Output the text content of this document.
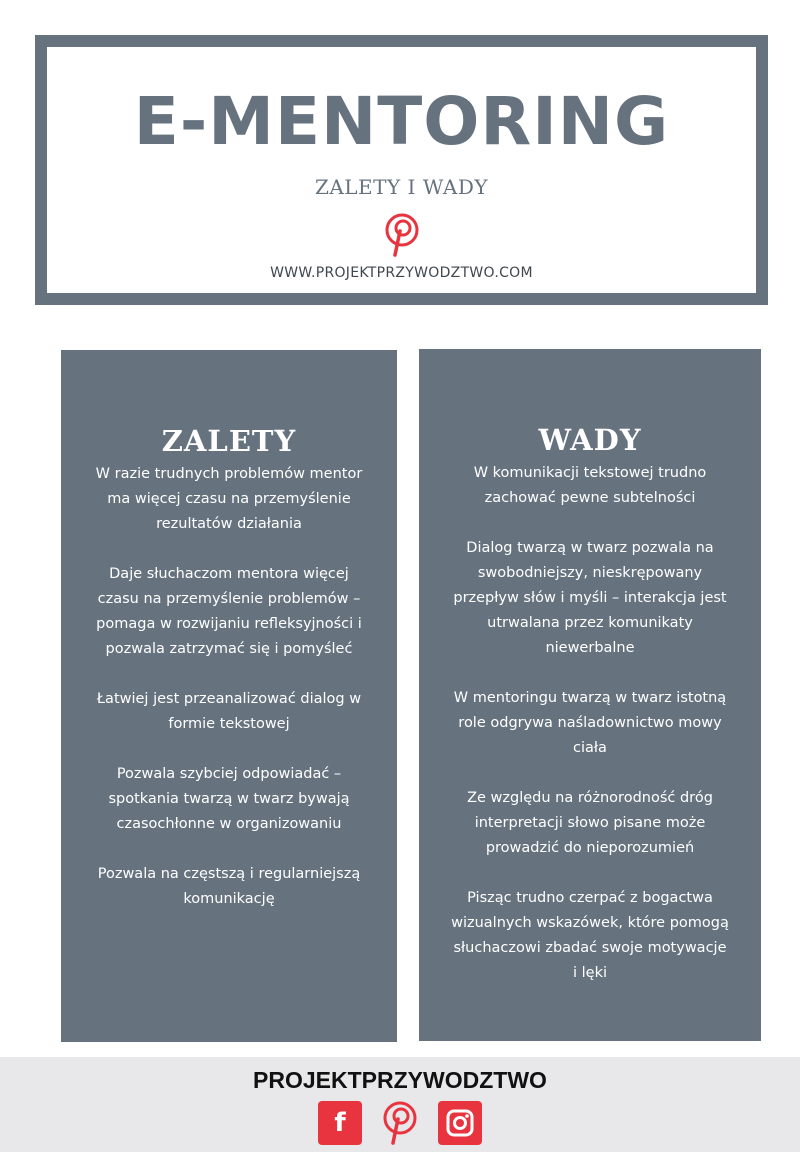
E-MENTORING
ZALETY I WADY
WWW.PROJEKTPRZYWODZTWO.COM
ZALETY
W razie trudnych problemów mentor ma więcej czasu na przemyślenie rezultatów działania
Daje słuchaczom mentora więcej czasu na przemyślenie problemów – pomaga w rozwijaniu refleksyjności i pozwala zatrzymać się i pomyśleć
Łatwiej jest przeanalizować dialog w formie tekstowej
Pozwala szybciej odpowiadać – spotkania twarzą w twarz bywają czasochłonne w organizowaniu
Pozwala na częstszą i regularniejszą komunikację
WADY
W komunikacji tekstowej trudno zachować pewne subtelności
Dialog twarzą w twarz pozwala na swobodniejszy, nieskrępowany przepływ słów i myśli – interakcja jest utrwalana przez komunikaty niewerbalne
W mentoringu twarzą w twarz istotną role odgrywa naśladownictwo mowy ciała
Ze względu na różnorodność dróg interpretacji słowo pisane może prowadzić do nieporozumień
Pisząc trudno czerpać z bogactwa wizualnych wskazówek, które pomogą słuchaczowi zbadać swoje motywacje i lęki
PROJEKTPRZYWODZTWO
f
